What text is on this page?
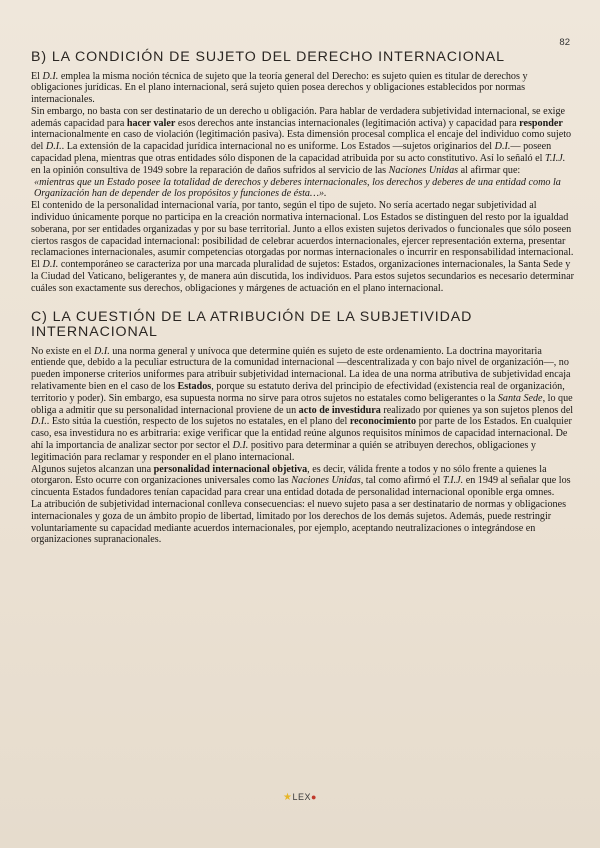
82
B) LA CONDICIÓN DE SUJETO DEL DERECHO INTERNACIONAL

El D.I. emplea la misma noción técnica de sujeto que la teoría general del Derecho: es sujeto quien es titular de derechos y obligaciones jurídicas. En el plano internacional, será sujeto quien posea derechos y obligaciones establecidos por normas internacionales.

Sin embargo, no basta con ser destinatario de un derecho u obligación. Para hablar de verdadera subjetividad internacional, se exige además capacidad para hacer valer esos derechos ante instancias internacionales (legitimación activa) y capacidad para responder internacionalmente en caso de violación (legitimación pasiva). Esta dimensión procesal complica el encaje del individuo como sujeto del D.I.. La extensión de la capacidad jurídica internacional no es uniforme. Los Estados —sujetos originarios del D.I.— poseen capacidad plena, mientras que otras entidades sólo disponen de la capacidad atribuida por su acto constitutivo. Así lo señaló el T.I.J. en la opinión consultiva de 1949 sobre la reparación de daños sufridos al servicio de las Naciones Unidas al afirmar que:

«mientras que un Estado posee la totalidad de derechos y deberes internacionales, los derechos y deberes de una entidad como la Organización han de depender de los propósitos y funciones de ésta…».

El contenido de la personalidad internacional varía, por tanto, según el tipo de sujeto. No sería acertado negar subjetividad al individuo únicamente porque no participa en la creación normativa internacional. Los Estados se distinguen del resto por la igualdad soberana, por ser entidades organizadas y por su base territorial. Junto a ellos existen sujetos derivados o funcionales que sólo poseen ciertos rasgos de capacidad internacional: posibilidad de celebrar acuerdos internacionales, ejercer representación externa, presentar reclamaciones internacionales, asumir competencias otorgadas por normas internacionales o incurrir en responsabilidad internacional.

El D.I. contemporáneo se caracteriza por una marcada pluralidad de sujetos: Estados, organizaciones internacionales, la Santa Sede y la Ciudad del Vaticano, beligerantes y, de manera aún discutida, los individuos. Para estos sujetos secundarios es necesario determinar cuáles son exactamente sus derechos, obligaciones y márgenes de actuación en el plano internacional.

C) LA CUESTIÓN DE LA ATRIBUCIÓN DE LA SUBJETIVIDAD INTERNACIONAL

No existe en el D.I. una norma general y unívoca que determine quién es sujeto de este ordenamiento. La doctrina mayoritaria entiende que, debido a la peculiar estructura de la comunidad internacional —descentralizada y con bajo nivel de organización—, no pueden imponerse criterios uniformes para atribuir subjetividad internacional. La idea de una norma atributiva de subjetividad encaja relativamente bien en el caso de los Estados, porque su estatuto deriva del principio de efectividad (existencia real de organización, territorio y poder). Sin embargo, esa supuesta norma no sirve para otros sujetos no estatales como beligerantes o la Santa Sede, lo que obliga a admitir que su personalidad internacional proviene de un acto de investidura realizado por quienes ya son sujetos plenos del D.I.. Esto sitúa la cuestión, respecto de los sujetos no estatales, en el plano del reconocimiento por parte de los Estados. En cualquier caso, esa investidura no es arbitraria: exige verificar que la entidad reúne algunos requisitos mínimos de capacidad internacional. De ahí la importancia de analizar sector por sector el D.I. positivo para determinar a quién se atribuyen derechos, obligaciones y legitimación para reclamar y responder en el plano internacional.

Algunos sujetos alcanzan una personalidad internacional objetiva, es decir, válida frente a todos y no sólo frente a quienes la otorgaron. Esto ocurre con organizaciones universales como las Naciones Unidas, tal como afirmó el T.I.J. en 1949 al señalar que los cincuenta Estados fundadores tenían capacidad para crear una entidad dotada de personalidad internacional oponible erga omnes.

La atribución de subjetividad internacional conlleva consecuencias: el nuevo sujeto pasa a ser destinatario de normas y obligaciones internacionales y goza de un ámbito propio de libertad, limitado por los derechos de los demás sujetos. Además, puede restringir voluntariamente su capacidad mediante acuerdos internacionales, por ejemplo, aceptando neutralizaciones o integrándose en organizaciones supranacionales.

★LEX●
